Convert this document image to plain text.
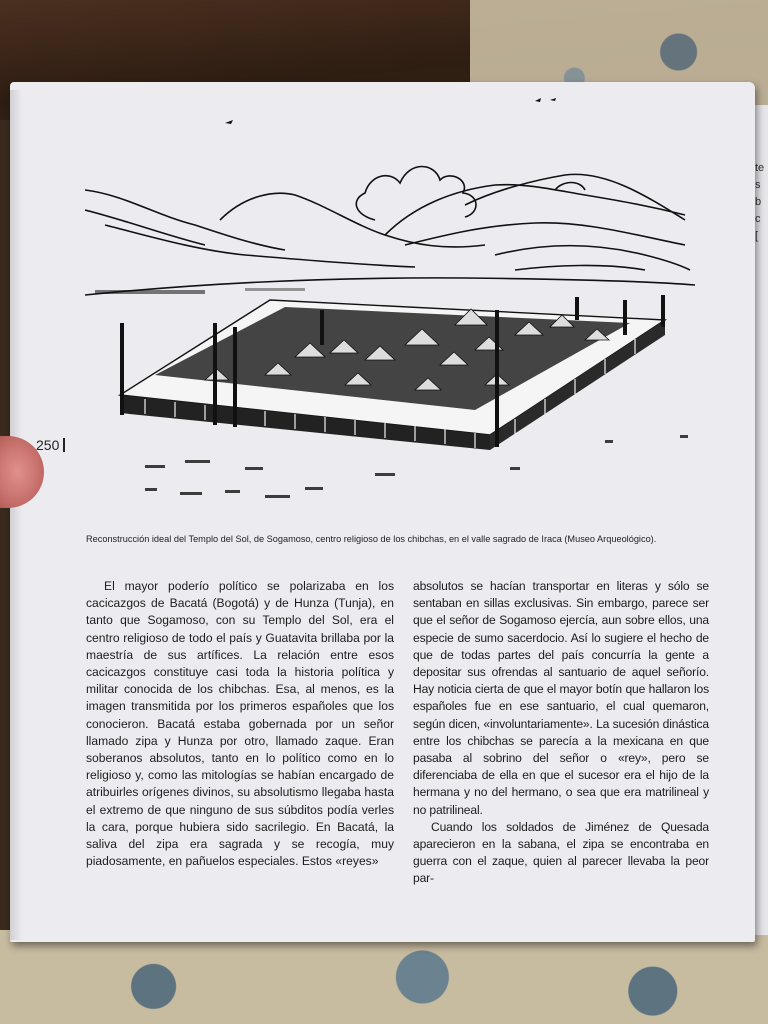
te
s
b
c
[
250
Reconstrucción ideal del Templo del Sol, de Sogamoso, centro religioso de los chibchas, en el valle sagrado de Iraca (Museo Arqueológico).

El mayor poderío político se polarizaba en los cacicazgos de Bacatá (Bogotá) y de Hunza (Tunja), en tanto que Sogamoso, con su Templo del Sol, era el centro religioso de todo el país y Guatavita brillaba por la maestría de sus artífices. La relación entre esos cacicazgos constituye casi toda la historia política y militar conocida de los chibchas. Esa, al menos, es la imagen transmitida por los primeros españoles que los conocieron. Bacatá estaba gobernada por un señor llamado zipa y Hunza por otro, llamado zaque. Eran soberanos absolutos, tanto en lo político como en lo religioso y, como las mitologías se habían encargado de atribuirles orígenes divinos, su absolutismo llegaba hasta el extremo de que ninguno de sus súbditos podía verles la cara, porque hubiera sido sacrilegio. En Bacatá, la saliva del zipa era sagrada y se recogía, muy piadosamente, en pañuelos especiales. Estos «reyes»

absolutos se hacían transportar en literas y sólo se sentaban en sillas exclusivas. Sin embargo, parece ser que el señor de Sogamoso ejercía, aun sobre ellos, una especie de sumo sacerdocio. Así lo sugiere el hecho de que de todas partes del país concurría la gente a depositar sus ofrendas al santuario de aquel señorío. Hay noticia cierta de que el mayor botín que hallaron los españoles fue en ese santuario, el cual quemaron, según dicen, «involuntariamente». La sucesión dinástica entre los chibchas se parecía a la mexicana en que pasaba al sobrino del señor o «rey», pero se diferenciaba de ella en que el sucesor era el hijo de la hermana y no del hermano, o sea que era matrilineal y no patrilineal.

Cuando los soldados de Jiménez de Quesada aparecieron en la sabana, el zipa se encontraba en guerra con el zaque, quien al parecer llevaba la peor par-
